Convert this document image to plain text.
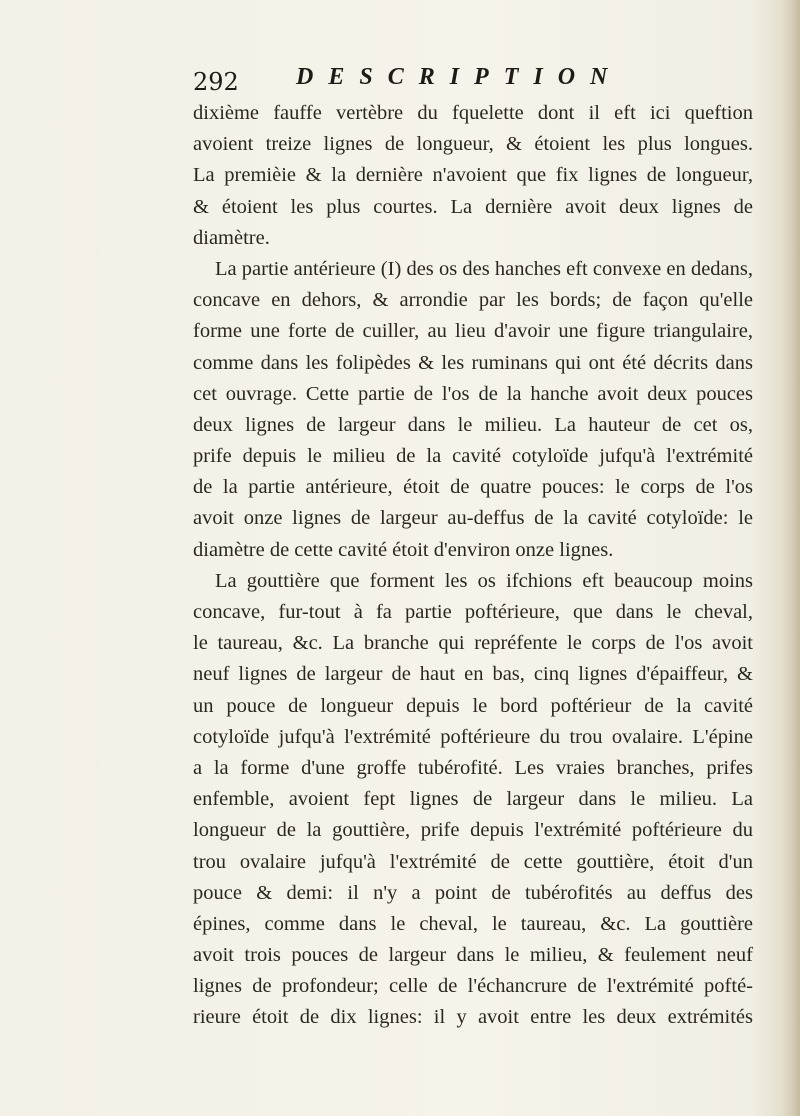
292 DESCRIPTION
dixième fauffe vertèbre du fquelette dont il eft ici queftion
avoient treize lignes de longueur, & étoient les plus longues.
La premièie & la dernière n'avoient que fix lignes de longueur,
& étoient les plus courtes. La dernière avoit deux lignes de
diamètre.
La partie antérieure (I) des os des hanches eft convexe en dedans,
concave en dehors, & arrondie par les bords; de façon qu'elle
forme une forte de cuiller, au lieu d'avoir une figure triangulaire,
comme dans les folipèdes & les ruminans qui ont été décrits dans
cet ouvrage. Cette partie de l'os de la hanche avoit deux pouces
deux lignes de largeur dans le milieu. La hauteur de cet os,
prife depuis le milieu de la cavité cotyloïde jufqu'à l'extrémité
de la partie antérieure, étoit de quatre pouces: le corps de l'os
avoit onze lignes de largeur au-deffus de la cavité cotyloïde: le
diamètre de cette cavité étoit d'environ onze lignes.
La gouttière que forment les os ifchions eft beaucoup moins
concave, fur-tout à fa partie poftérieure, que dans le cheval,
le taureau, &c. La branche qui repréfente le corps de l'os avoit
neuf lignes de largeur de haut en bas, cinq lignes d'épaiffeur, &
un pouce de longueur depuis le bord poftérieur de la cavité
cotyloïde jufqu'à l'extrémité poftérieure du trou ovalaire. L'épine
a la forme d'une groffe tubérofité. Les vraies branches, prifes
enfemble, avoient fept lignes de largeur dans le milieu. La
longueur de la gouttière, prife depuis l'extrémité poftérieure du
trou ovalaire jufqu'à l'extrémité de cette gouttière, étoit d'un
pouce & demi: il n'y a point de tubérofités au deffus des
épines, comme dans le cheval, le taureau, &c. La gouttière
avoit trois pouces de largeur dans le milieu, & feulement neuf
lignes de profondeur; celle de l'échancrure de l'extrémité pofté-
rieure étoit de dix lignes: il y avoit entre les deux extrémités
